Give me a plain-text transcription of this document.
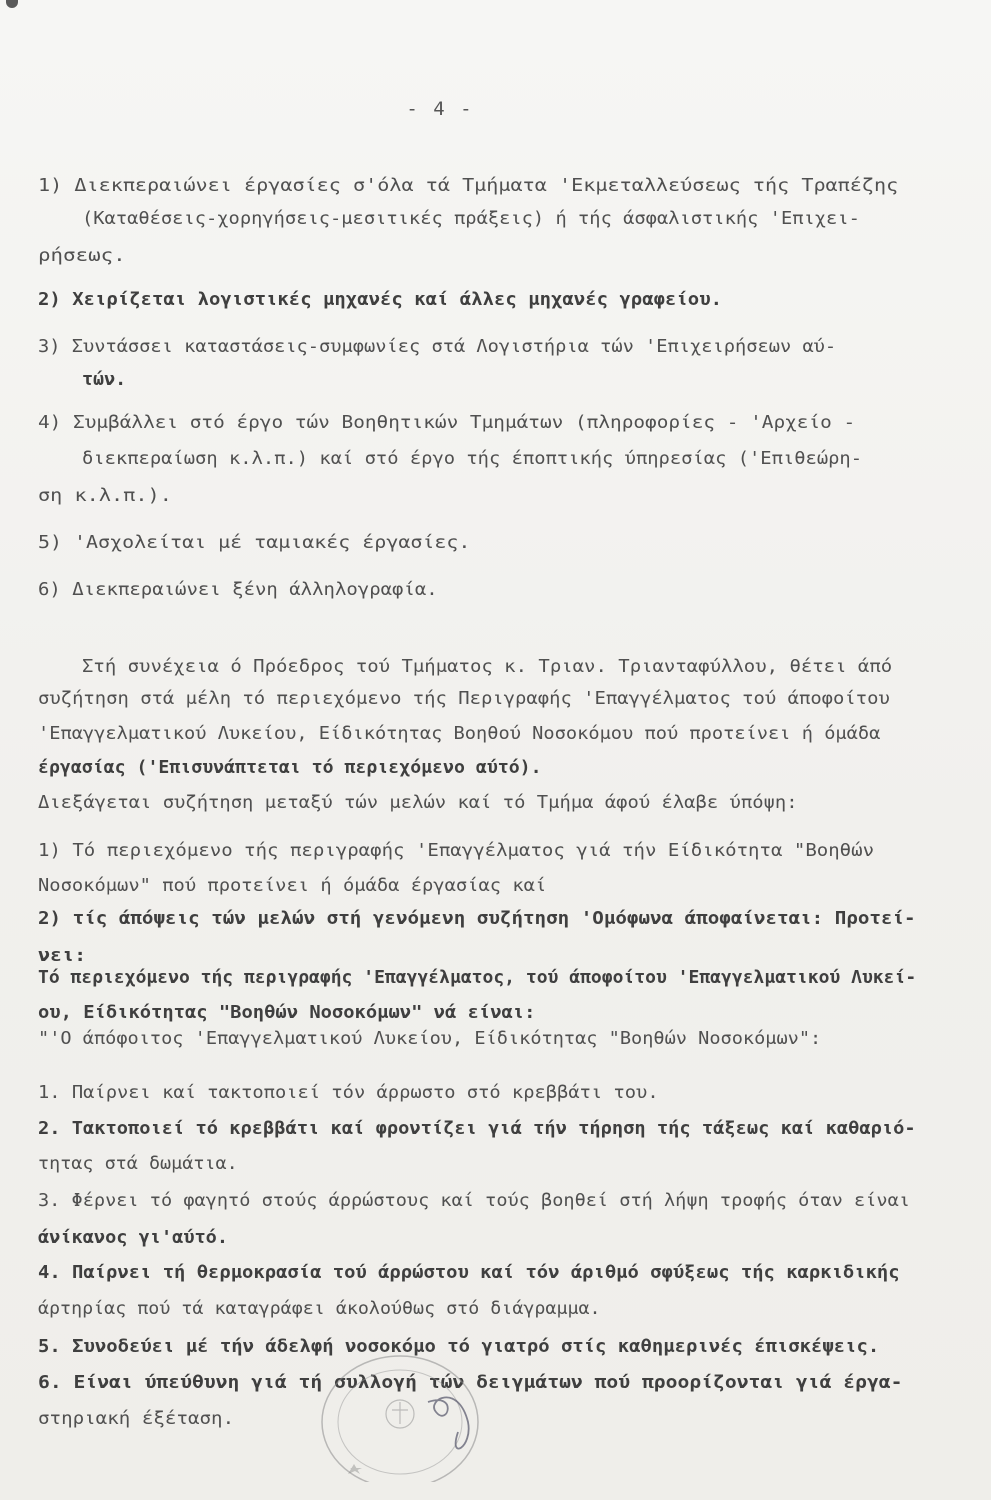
- 4 -
1) Διεκπεραιώνει έργασίες σ'όλα τά Τμήματα 'Εκμεταλλεύσεως τής Τραπέζης
(Καταθέσεις-χορηγήσεις-μεσιτικές πράξεις) ή τής άσφαλιστικής 'Επιχει-
ρήσεως.
2) Χειρίζεται λογιστικές μηχανές καί άλλες μηχανές γραφείου.
3) Συντάσσει καταστάσεις-συμφωνίες στά Λογιστήρια τών 'Επιχειρήσεων αύ-
τών.
4) Συμβάλλει στό έργο τών Βοηθητικών Τμημάτων (πληροφορίες - 'Αρχείο -
διεκπεραίωση κ.λ.π.) καί στό έργο τής έποπτικής ύπηρεσίας ('Επιθεώρη-
ση κ.λ.π.).
5) 'Ασχολείται μέ ταμιακές έργασίες.
6) Διεκπεραιώνει ξένη άλληλογραφία.
Στή συνέχεια ό Πρόεδρος τού Τμήματος κ. Τριαν. Τριανταφύλλου, θέτει άπό
συζήτηση στά μέλη τό περιεχόμενο τής Περιγραφής 'Επαγγέλματος τού άποφοίτου
'Επαγγελματικού Λυκείου, Είδικότητας Βοηθού Νοσοκόμου πού προτείνει ή όμάδα
έργασίας ('Επισυνάπτεται τό περιεχόμενο αύτό).
Διεξάγεται συζήτηση μεταξύ τών μελών καί τό Τμήμα άφού έλαβε ύπόψη:
1) Τό περιεχόμενο τής περιγραφής 'Επαγγέλματος γιά τήν Είδικότητα "Βοηθών
Νοσοκόμων" πού προτείνει ή όμάδα έργασίας καί
2) τίς άπόψεις τών μελών στή γενόμενη συζήτηση 'Ομόφωνα άποφαίνεται: Προτεί-
νει:
Τό περιεχόμενο τής περιγραφής 'Επαγγέλματος, τού άποφοίτου 'Επαγγελματικού Λυκεί-
ου, Είδικότητας "Βοηθών Νοσοκόμων" νά είναι:
"'Ο άπόφοιτος 'Επαγγελματικού Λυκείου, Είδικότητας "Βοηθών Νοσοκόμων":
1. Παίρνει καί τακτοποιεί τόν άρρωστο στό κρεββάτι του.
2. Τακτοποιεί τό κρεββάτι καί φροντίζει γιά τήν τήρηση τής τάξεως καί καθαριό-
τητας στά δωμάτια.
3. Φέρνει τό φαγητό στούς άρρώστους καί τούς βοηθεί στή λήψη τροφής όταν είναι
άνίκανος γι'αύτό.
4. Παίρνει τή θερμοκρασία τού άρρώστου καί τόν άριθμό σφύξεως τής καρκιδικής
άρτηρίας πού τά καταγράφει άκολούθως στό διάγραμμα.
5. Συνοδεύει μέ τήν άδελφή νοσοκόμο τό γιατρό στίς καθημερινές έπισκέψεις.
6. Είναι ύπεύθυνη γιά τή συλλογή τών δειγμάτων πού προορίζονται γιά έργα-
στηριακή έξέταση.
